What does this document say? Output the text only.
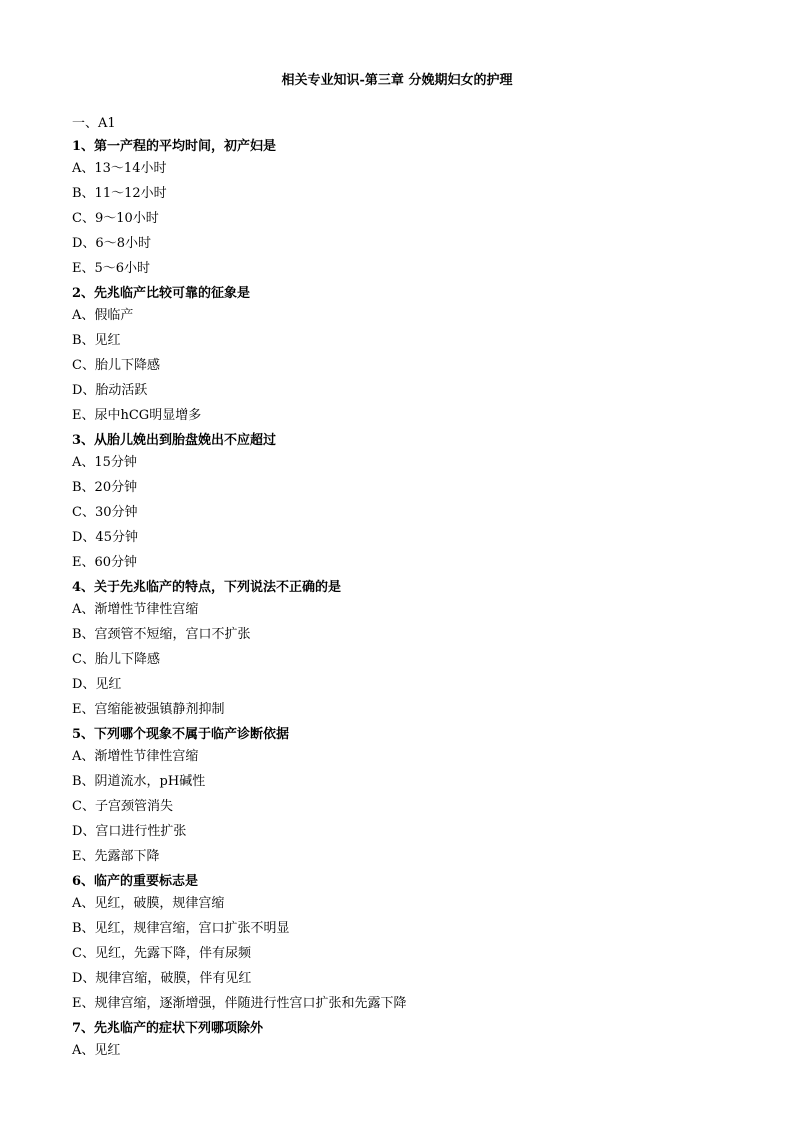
相关专业知识-第三章 分娩期妇女的护理
一、A1
1、第一产程的平均时间，初产妇是
A、13～14小时
B、11～12小时
C、9～10小时
D、6～8小时
E、5～6小时
2、先兆临产比较可靠的征象是
A、假临产
B、见红
C、胎儿下降感
D、胎动活跃
E、尿中hCG明显增多
3、从胎儿娩出到胎盘娩出不应超过
A、15分钟
B、20分钟
C、30分钟
D、45分钟
E、60分钟
4、关于先兆临产的特点，下列说法不正确的是
A、渐增性节律性宫缩
B、宫颈管不短缩，宫口不扩张
C、胎儿下降感
D、见红
E、宫缩能被强镇静剂抑制
5、下列哪个现象不属于临产诊断依据
A、渐增性节律性宫缩
B、阴道流水，pH碱性
C、子宫颈管消失
D、宫口进行性扩张
E、先露部下降
6、临产的重要标志是
A、见红，破膜，规律宫缩
B、见红，规律宫缩，宫口扩张不明显
C、见红，先露下降，伴有尿频
D、规律宫缩，破膜，伴有见红
E、规律宫缩，逐渐增强，伴随进行性宫口扩张和先露下降
7、先兆临产的症状下列哪项除外
A、见红
